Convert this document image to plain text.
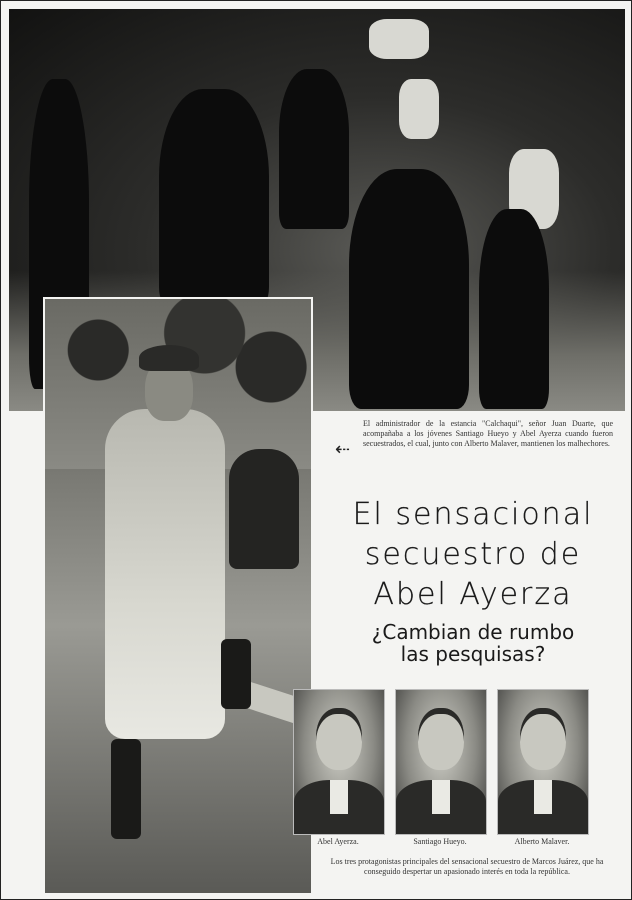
⇠
El administrador de la estancia "Calchaqui", señor Juan Duarte, que acompañaba a los jóvenes Santiago Hueyo y Abel Ayerza cuando fueron secuestrados, el cual, junto con Alberto Malaver, mantienen los malhechores.
El sensacional
secuestro de
Abel Ayerza
¿Cambian de rumbo
las pesquisas?
Abel Ayerza.	Santiago Hueyo.	Alberto Malaver.
Los tres protagonistas principales del sensacional secuestro de Marcos Juárez, que ha conseguido despertar un apasionado interés en toda la república.
